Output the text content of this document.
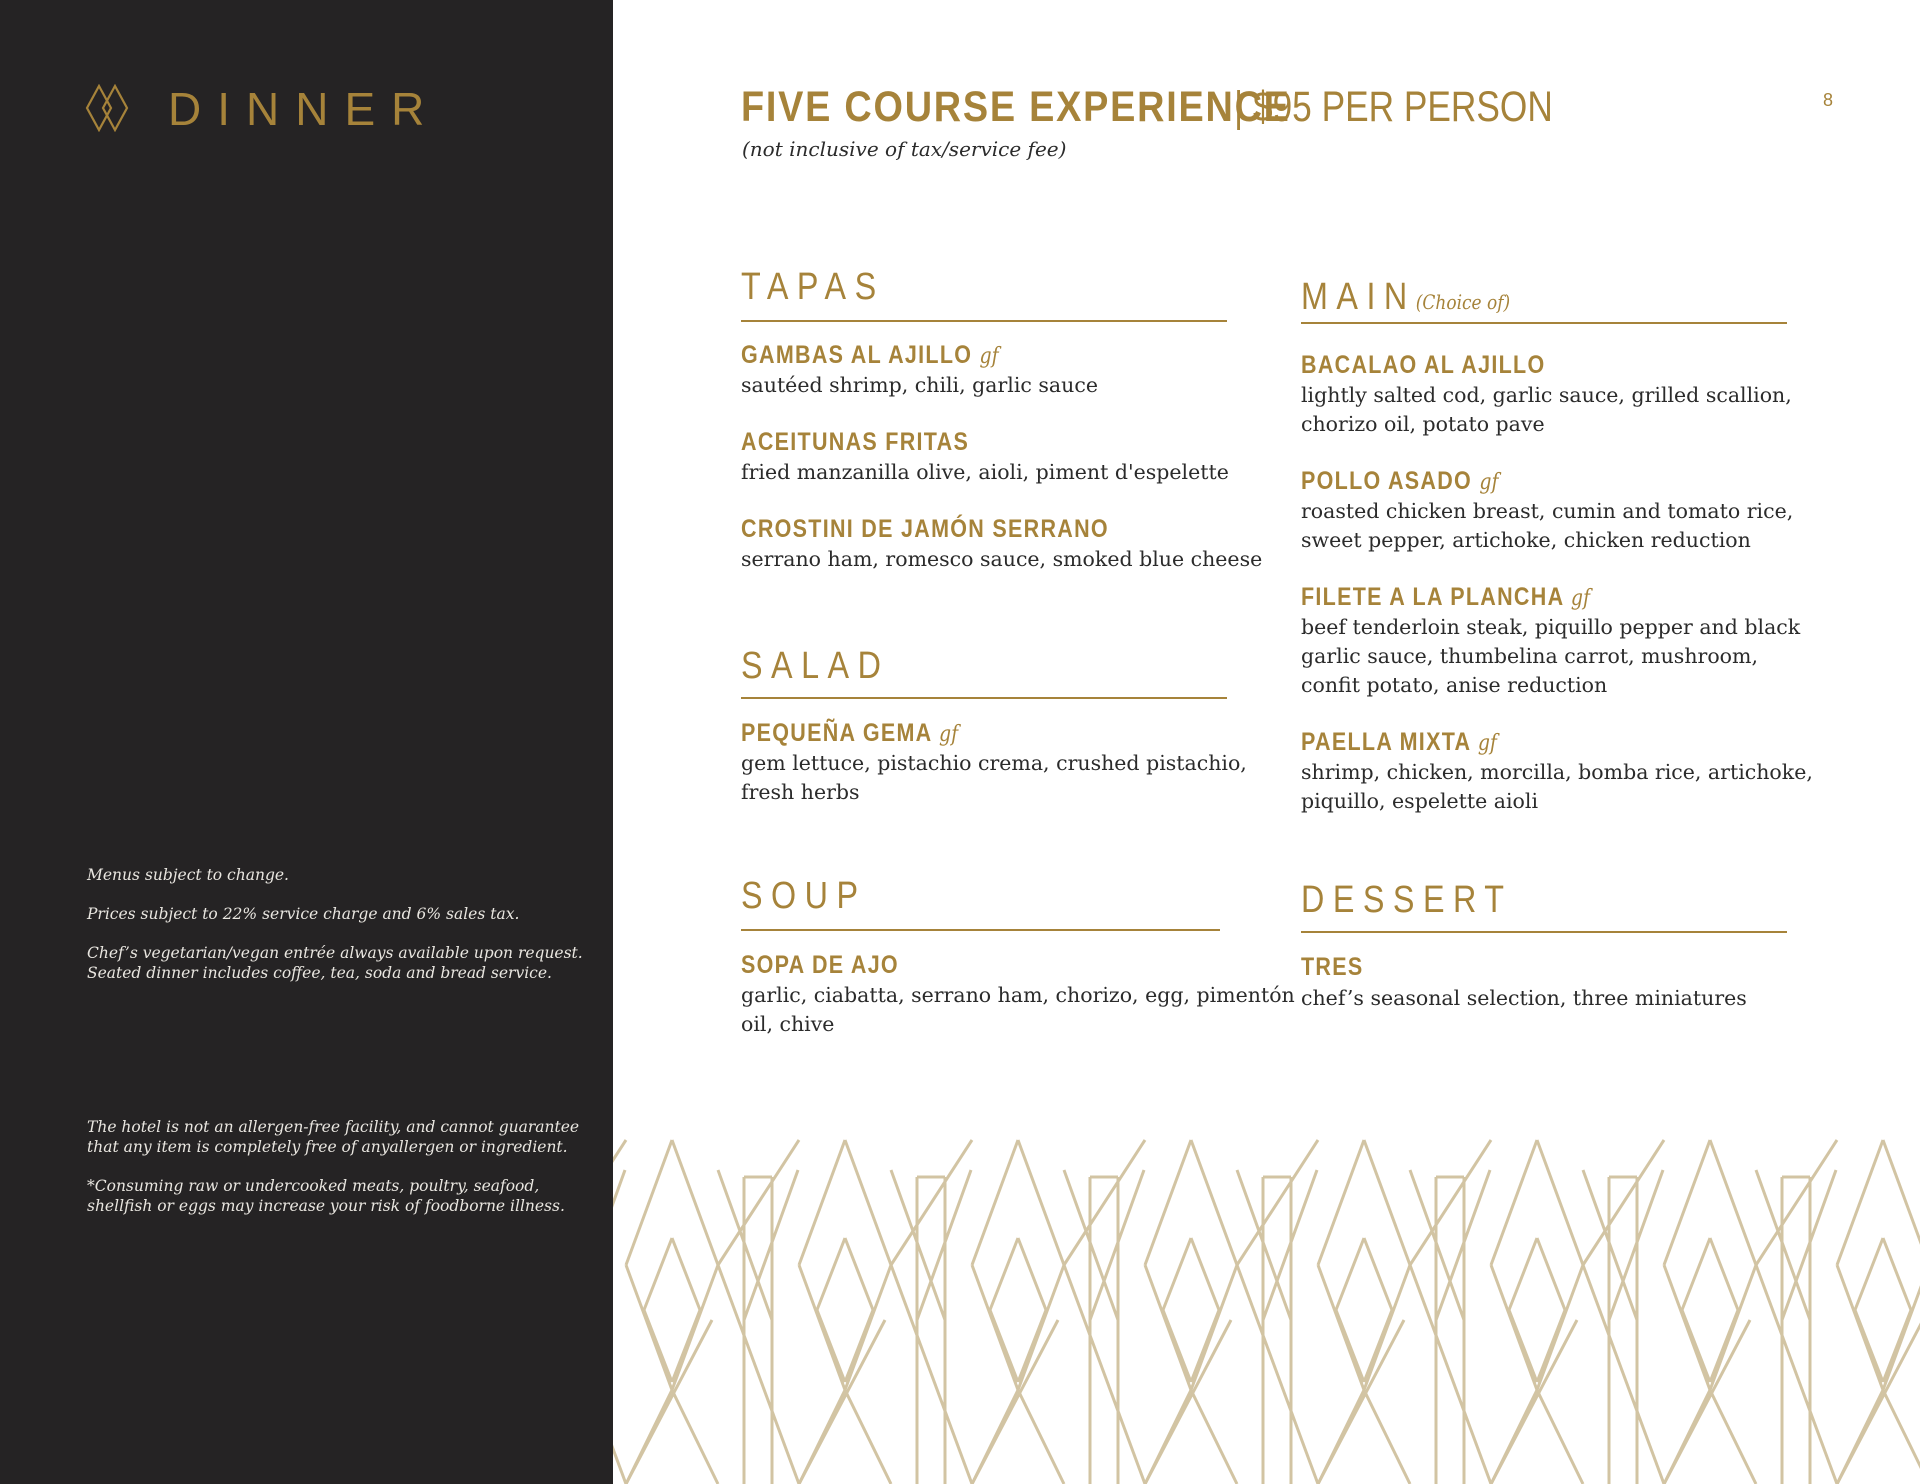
DINNER
Menus subject to change.
Prices subject to 22% service charge and 6% sales tax.
Chef’s vegetarian/vegan entrée always available upon request.
Seated dinner includes coffee, tea, soda and bread service.
The hotel is not an allergen-free facility, and cannot guarantee
that any item is completely free of anyallergen or ingredient.
*Consuming raw or undercooked meats, poultry, seafood,
shellfish or eggs may increase your risk of foodborne illness.
FIVE COURSE EXPERIENCE
| $95 PER PERSON
(not inclusive of tax/service fee)
8
TAPAS
GAMBAS AL AJILLO gf
sautéed shrimp, chili, garlic sauce
ACEITUNAS FRITAS
fried manzanilla olive, aioli, piment d'espelette
CROSTINI DE JAMÓN SERRANO
serrano ham, romesco sauce, smoked blue cheese
SALAD
PEQUEÑA GEMA gf
gem lettuce, pistachio crema, crushed pistachio,
fresh herbs
SOUP
SOPA DE AJO
garlic, ciabatta, serrano ham, chorizo, egg, pimentón
oil, chive
MAIN(Choice of)
BACALAO AL AJILLO
lightly salted cod, garlic sauce, grilled scallion,
chorizo oil, potato pave
POLLO ASADO gf
roasted chicken breast, cumin and tomato rice,
sweet pepper, artichoke, chicken reduction
FILETE A LA PLANCHA gf
beef tenderloin steak, piquillo pepper and black
garlic sauce, thumbelina carrot, mushroom,
confit potato, anise reduction
PAELLA MIXTA gf
shrimp, chicken, morcilla, bomba rice, artichoke,
piquillo, espelette aioli
DESSERT
TRES
chef’s seasonal selection, three miniatures
